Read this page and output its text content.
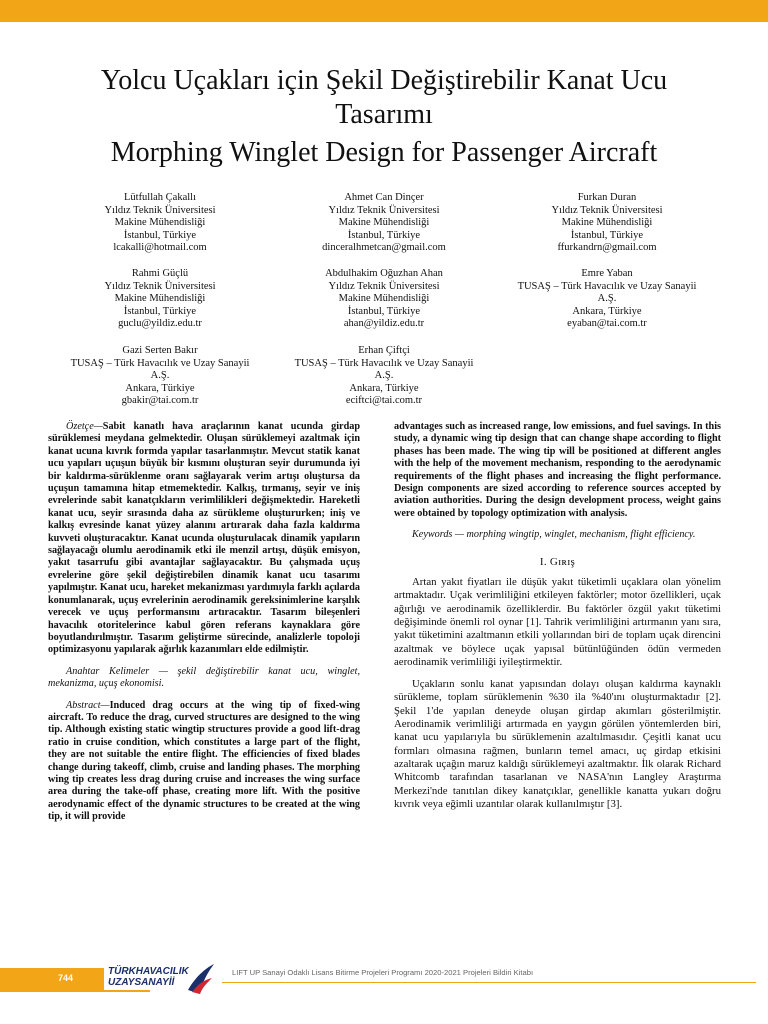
Yolcu Uçakları için Şekil Değiştirebilir Kanat Ucu Tasarımı
Morphing Winglet Design for Passenger Aircraft
Lütfullah Çakallı
Yıldız Teknik Üniversitesi
Makine Mühendisliği
İstanbul, Türkiye
lcakalli@hotmail.com
Ahmet Can Dinçer
Yıldız Teknik Üniversitesi
Makine Mühendisliği
İstanbul, Türkiye
dinceralhmetcan@gmail.com
Furkan Duran
Yıldız Teknik Üniversitesi
Makine Mühendisliği
İstanbul, Türkiye
ffurkandrn@gmail.com
Rahmi Güçlü
Yıldız Teknik Üniversitesi
Makine Mühendisliği
İstanbul, Türkiye
guclu@yildiz.edu.tr
Abdulhakim Oğuzhan Ahan
Yıldız Teknik Üniversitesi
Makine Mühendisliği
İstanbul, Türkiye
ahan@yildiz.edu.tr
Emre Yaban
TUSAŞ – Türk Havacılık ve Uzay Sanayii
A.Ş.
Ankara, Türkiye
eyaban@tai.com.tr
Gazi Serten Bakır
TUSAŞ – Türk Havacılık ve Uzay Sanayii
A.Ş.
Ankara, Türkiye
gbakir@tai.com.tr
Erhan Çiftçi
TUSAŞ – Türk Havacılık ve Uzay Sanayii
A.Ş.
Ankara, Türkiye
eciftci@tai.com.tr

Özetçe—Sabit kanatlı hava araçlarının kanat ucunda girdap sürüklemesi meydana gelmektedir. Oluşan sürüklemeyi azaltmak için kanat ucuna kıvrık formda yapılar tasarlanmıştır. Mevcut statik kanat ucu yapıları uçuşun büyük bir kısmını oluşturan seyir durumunda iyi bir kaldırma-sürüklenme oranı sağlayarak verim artışı oluştursa da uçuşun tamamına hitap etmemektedir. Kalkış, tırmanış, seyir ve iniş evrelerinde sabit kanatçıkların verimlilikleri değişmektedir. Hareketli kanat ucu, seyir sırasında daha az sürükleme oluştururken; iniş ve kalkış evresinde kanat yüzey alanını artırarak daha fazla kaldırma kuvveti oluşturacaktır. Kanat ucunda oluşturulacak dinamik yapıların sağlayacağı olumlu aerodinamik etki ile menzil artışı, düşük emisyon, yakıt tasarrufu gibi avantajlar sağlayacaktır. Bu çalışmada uçuş evrelerine göre şekil değiştirebilen dinamik kanat ucu tasarımı yapılmıştır. Kanat ucu, hareket mekanizması yardımıyla farklı açılarda konumlanarak, uçuş evrelerinin aerodinamik gereksinimlerine karşılık verecek ve uçuş performansını artıracaktır. Tasarım bileşenleri havacılık otoritelerince kabul gören referans kaynaklara göre boyutlandırılmıştır. Tasarım geliştirme sürecinde, analizlerle topoloji optimizasyonu yapılarak ağırlık kazanımları elde edilmiştir.

Anahtar Kelimeler — şekil değiştirebilir kanat ucu, winglet, mekanizma, uçuş ekonomisi.

Abstract—Induced drag occurs at the wing tip of fixed-wing aircraft. To reduce the drag, curved structures are designed to the wing tip. Although existing static wingtip structures provide a good lift-drag ratio in cruise condition, which constitutes a large part of the flight, they are not suitable the entire flight. The efficiencies of fixed blades change during takeoff, climb, cruise and landing phases. The morphing wing tip creates less drag during cruise and increases the wing surface area during the take-off phase, creating more lift. With the positive aerodynamic effect of the dynamic structures to be created at the wing tip, it will provide

advantages such as increased range, low emissions, and fuel savings. In this study, a dynamic wing tip design that can change shape according to flight phases has been made. The wing tip will be positioned at different angles with the help of the movement mechanism, responding to the aerodynamic requirements of the flight phases and increasing the flight performance. Design components are sized according to reference sources accepted by aviation authorities. During the design development process, weight gains were obtained by topology optimization with analysis.

Keywords — morphing wingtip, winglet, mechanism, flight efficiency.

I. Gɪʀɪş

Artan yakıt fiyatları ile düşük yakıt tüketimli uçaklara olan yönelim artmaktadır. Uçak verimliliğini etkileyen faktörler; motor özellikleri, uçak ağırlığı ve aerodinamik özelliklerdir. Bu faktörler özgül yakıt tüketimi değişiminde önemli rol oynar [1]. Tahrik verimliliğini artırmanın yanı sıra, yakıt tüketimini azaltmanın etkili yollarından biri de toplam uçak direncini azaltmak ve böylece uçak yapısal bütünlüğünden ödün vermeden aerodinamik verimliliği iyileştirmektir.

Uçakların sonlu kanat yapısından dolayı oluşan kaldırma kaynaklı sürükleme, toplam sürüklemenin %30 ila %40'ını oluşturmaktadır [2]. Şekil 1'de yapılan deneyde oluşan girdap akımları gösterilmiştir. Aerodinamik verimliliği artırmada en yaygın görülen yöntemlerden biri, kanat ucu yapılarıyla bu sürüklemenin azaltılmasıdır. Çeşitli kanat ucu formları olmasına rağmen, bunların temel amacı, uç girdap etkisini azaltarak uçağın maruz kaldığı sürüklemeyi azaltmaktır. İlk olarak Richard Whitcomb tarafından tasarlanan ve NASA'nın Langley Araştırma Merkezi'nde tanıtılan dikey kanatçıklar, genellikle kanatta yukarı doğru kıvrık veya eğimli uzantılar olarak kullanılmıştır [3].

744
TÜRKHAVACILIK
UZAYSANAYİİ
LIFT UP Sanayi Odaklı Lisans Bitirme Projeleri Programı 2020-2021 Projeleri Bildiri Kitabı
